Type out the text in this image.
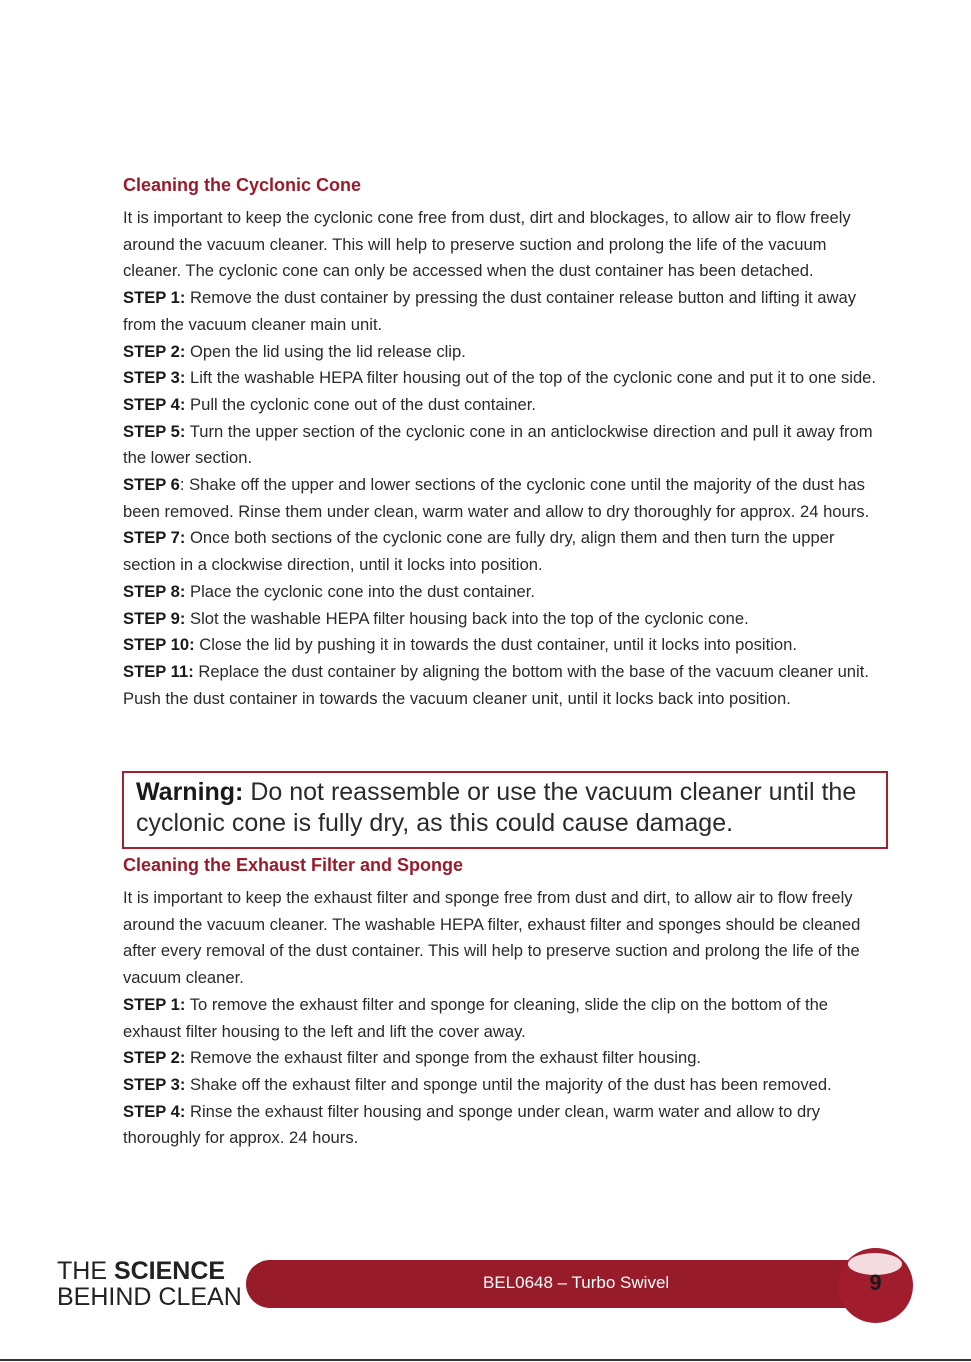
Cleaning the Cyclonic Cone

It is important to keep the cyclonic cone free from dust, dirt and blockages, to allow air to flow freely around the vacuum cleaner. This will help to preserve suction and prolong the life of the vacuum cleaner. The cyclonic cone can only be accessed when the dust container has been detached.

STEP 1: Remove the dust container by pressing the dust container release button and lifting it away from the vacuum cleaner main unit.

STEP 2: Open the lid using the lid release clip.

STEP 3: Lift the washable HEPA filter housing out of the top of the cyclonic cone and put it to one side.

STEP 4: Pull the cyclonic cone out of the dust container.

STEP 5: Turn the upper section of the cyclonic cone in an anticlockwise direction and pull it away from the lower section.

STEP 6: Shake off the upper and lower sections of the cyclonic cone until the majority of the dust has been removed. Rinse them under clean, warm water and allow to dry thoroughly for approx. 24 hours.

STEP 7: Once both sections of the cyclonic cone are fully dry, align them and then turn the upper section in a clockwise direction, until it locks into position.

STEP 8: Place the cyclonic cone into the dust container.

STEP 9: Slot the washable HEPA filter housing back into the top of the cyclonic cone.

STEP 10: Close the lid by pushing it in towards the dust container, until it locks into position.

STEP 11: Replace the dust container by aligning the bottom with the base of the vacuum cleaner unit. Push the dust container in towards the vacuum cleaner unit, until it locks back into position.

Warning: Do not reassemble or use the vacuum cleaner until the cyclonic cone is fully dry, as this could cause damage.
Cleaning the Exhaust Filter and Sponge

It is important to keep the exhaust filter and sponge free from dust and dirt, to allow air to flow freely around the vacuum cleaner. The washable HEPA filter, exhaust filter and sponges should be cleaned after every removal of the dust container. This will help to preserve suction and prolong the life of the vacuum cleaner.

STEP 1: To remove the exhaust filter and sponge for cleaning, slide the clip on the bottom of the exhaust filter housing to the left and lift the cover away.

STEP 2: Remove the exhaust filter and sponge from the exhaust filter housing.

STEP 3: Shake off the exhaust filter and sponge until the majority of the dust has been removed.

STEP 4: Rinse the exhaust filter housing and sponge under clean, warm water and allow to dry thoroughly for approx. 24 hours.

THE SCIENCE
BEHIND CLEAN
BEL0648 – Turbo Swivel	9
